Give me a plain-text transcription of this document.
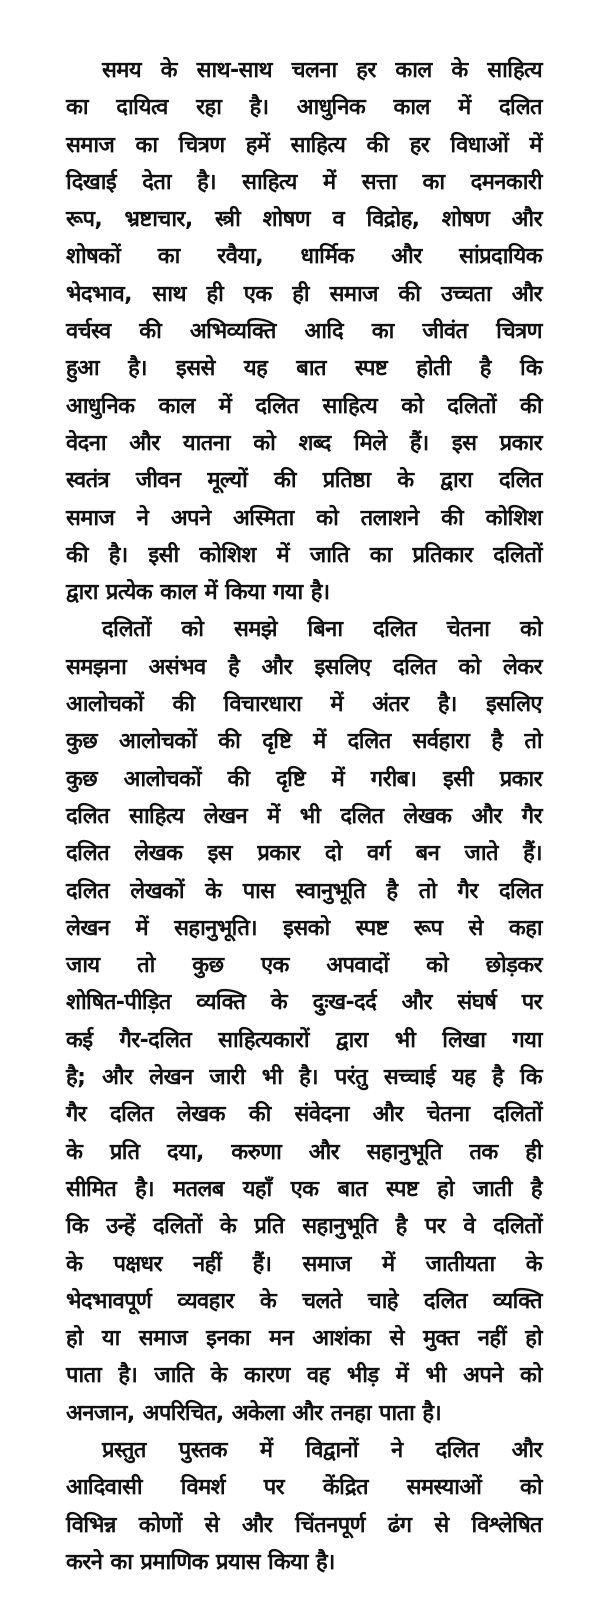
समय के साथ-साथ चलना हर काल के साहित्य
का दायित्व रहा है। आधुनिक काल में दलित
समाज का चित्रण हमें साहित्य की हर विधाओं में
दिखाई देता है। साहित्य में सत्ता का दमनकारी
रूप, भ्रष्टाचार, स्त्री शोषण व विद्रोह, शोषण और
शोषकों का रवैया, धार्मिक और सांप्रदायिक
भेदभाव, साथ ही एक ही समाज की उच्चता और
वर्चस्व की अभिव्यक्ति आदि का जीवंत चित्रण
हुआ है। इससे यह बात स्पष्ट होती है कि
आधुनिक काल में दलित साहित्य को दलितों की
वेदना और यातना को शब्द मिले हैं। इस प्रकार
स्वतंत्र जीवन मूल्यों की प्रतिष्ठा के द्वारा दलित
समाज ने अपने अस्मिता को तलाशने की कोशिश
की है। इसी कोशिश में जाति का प्रतिकार दलितों
द्वारा प्रत्येक काल में किया गया है।
दलितों को समझे बिना दलित चेतना को
समझना असंभव है और इसलिए दलित को लेकर
आलोचकों की विचारधारा में अंतर है। इसलिए
कुछ आलोचकों की दृष्टि में दलित सर्वहारा है तो
कुछ आलोचकों की दृष्टि में गरीब। इसी प्रकार
दलित साहित्य लेखन में भी दलित लेखक और गैर
दलित लेखक इस प्रकार दो वर्ग बन जाते हैं।
दलित लेखकों के पास स्वानुभूति है तो गैर दलित
लेखन में सहानुभूति। इसको स्पष्ट रूप से कहा
जाय तो कुछ एक अपवादों को छोड़कर
शोषित-पीड़ित व्यक्ति के दुःख-दर्द और संघर्ष पर
कई गैर-दलित साहित्यकारों द्वारा भी लिखा गया
है; और लेखन जारी भी है। परंतु सच्चाई यह है कि
गैर दलित लेखक की संवेदना और चेतना दलितों
के प्रति दया, करुणा और सहानुभूति तक ही
सीमित है। मतलब यहाँ एक बात स्पष्ट हो जाती है
कि उन्हें दलितों के प्रति सहानुभूति है पर वे दलितों
के पक्षधर नहीं हैं। समाज में जातीयता के
भेदभावपूर्ण व्यवहार के चलते चाहे दलित व्यक्ति
हो या समाज इनका मन आशंका से मुक्त नहीं हो
पाता है। जाति के कारण वह भीड़ में भी अपने को
अनजान, अपरिचित, अकेला और तनहा पाता है।
प्रस्तुत पुस्तक में विद्वानों ने दलित और
आदिवासी विमर्श पर केंद्रित समस्याओं को
विभिन्न कोणों से और चिंतनपूर्ण ढंग से विश्लेषित
करने का प्रमाणिक प्रयास किया है।
